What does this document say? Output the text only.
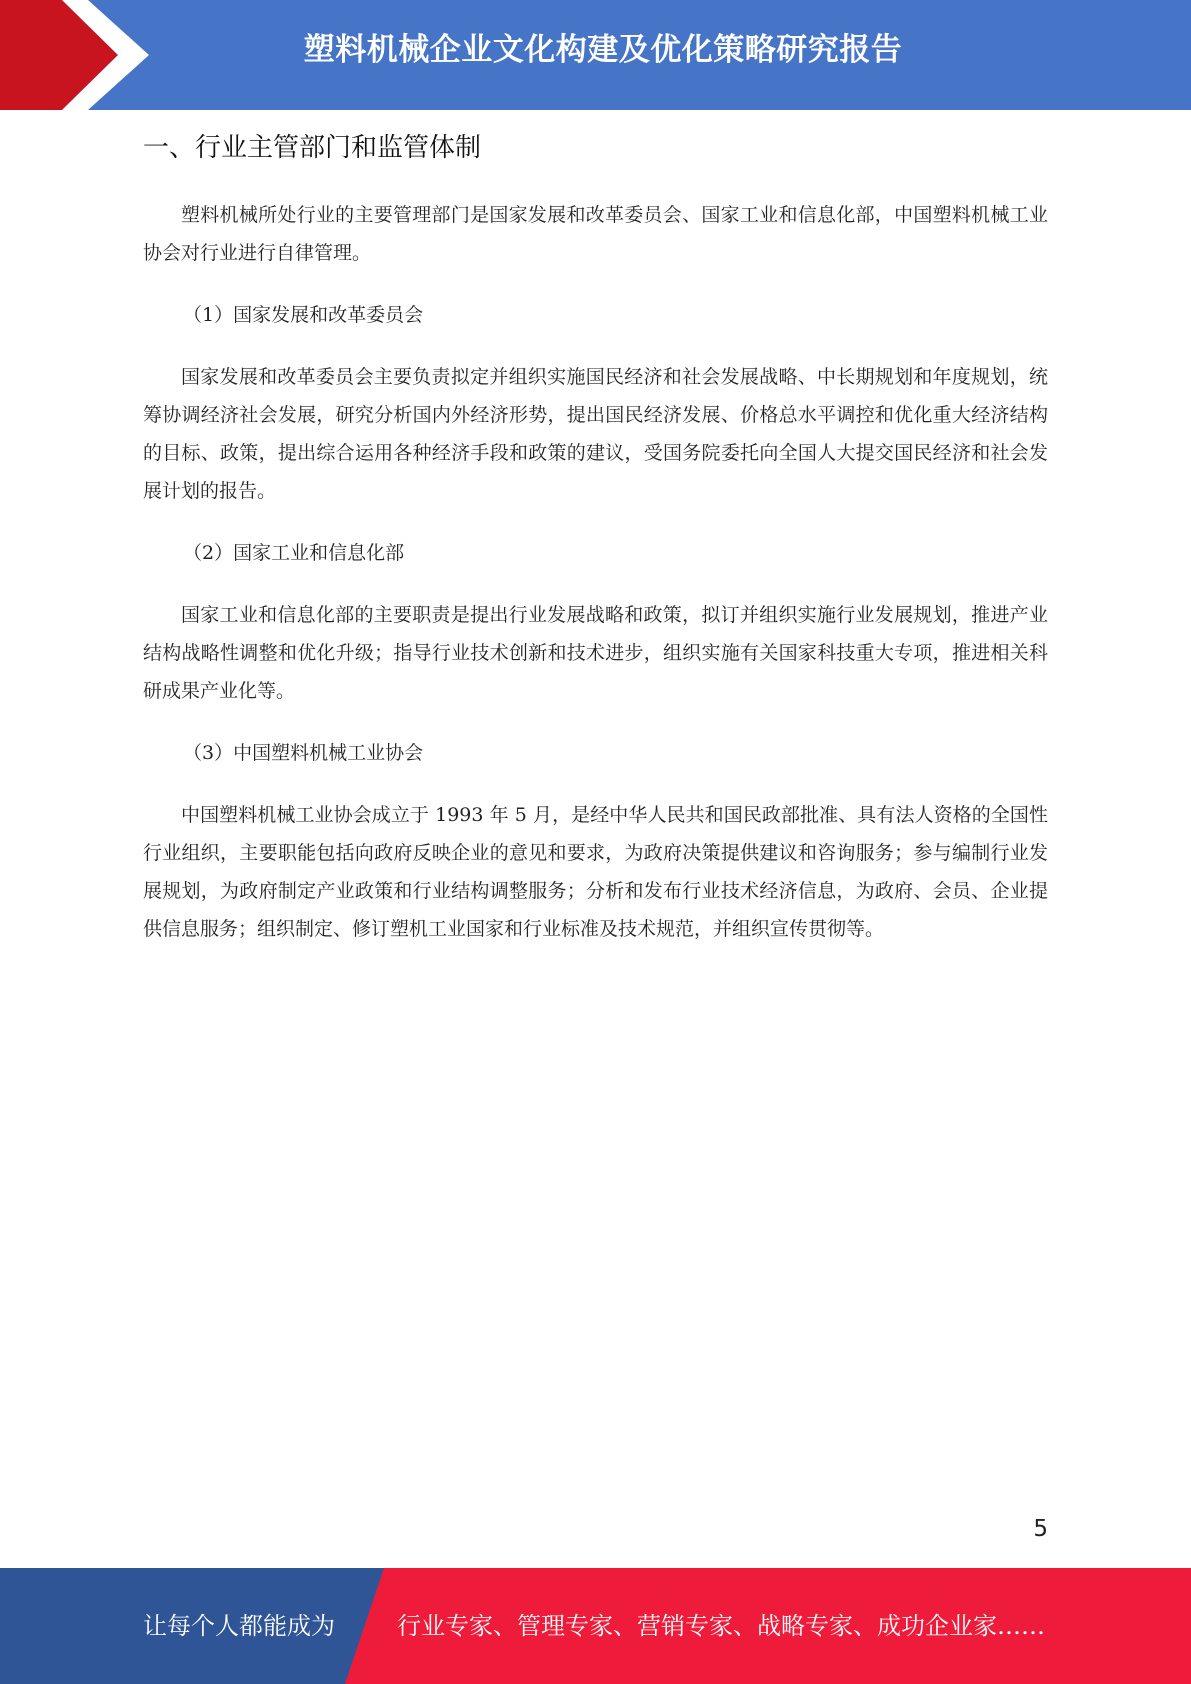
塑料机械企业文化构建及优化策略研究报告
一、行业主管部门和监管体制

塑料机械所处行业的主要管理部门是国家发展和改革委员会、国家工业和信息化部，中国塑料机械工业协会对行业进行自律管理。

（1）国家发展和改革委员会

国家发展和改革委员会主要负责拟定并组织实施国民经济和社会发展战略、中长期规划和年度规划，统筹协调经济社会发展，研究分析国内外经济形势，提出国民经济发展、价格总水平调控和优化重大经济结构的目标、政策，提出综合运用各种经济手段和政策的建议，受国务院委托向全国人大提交国民经济和社会发展计划的报告。

（2）国家工业和信息化部

国家工业和信息化部的主要职责是提出行业发展战略和政策，拟订并组织实施行业发展规划，推进产业结构战略性调整和优化升级；指导行业技术创新和技术进步，组织实施有关国家科技重大专项，推进相关科研成果产业化等。

（3）中国塑料机械工业协会

中国塑料机械工业协会成立于 1993 年 5 月，是经中华人民共和国民政部批准、具有法人资格的全国性行业组织，主要职能包括向政府反映企业的意见和要求，为政府决策提供建议和咨询服务；参与编制行业发展规划，为政府制定产业政策和行业结构调整服务；分析和发布行业技术经济信息，为政府、会员、企业提供信息服务；组织制定、修订塑机工业国家和行业标准及技术规范，并组织宣传贯彻等。

5
让每个人都能成为	行业专家、管理专家、营销专家、战略专家、成功企业家……
